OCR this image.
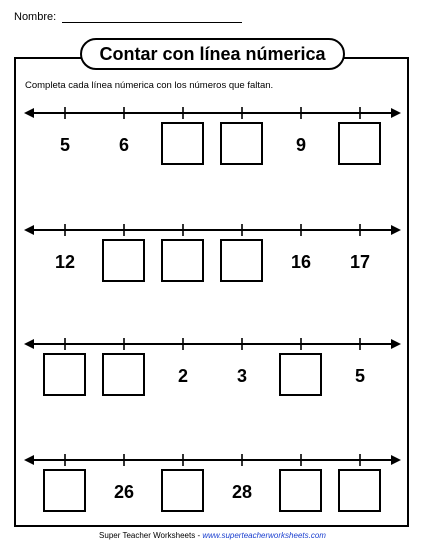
Nombre:
Contar con línea númerica
Completa cada línea númerica con los números que faltan.
5	6	9
12	16	17
2	3	5
26	28
Super Teacher Worksheets - www.superteacherworksheets.com
